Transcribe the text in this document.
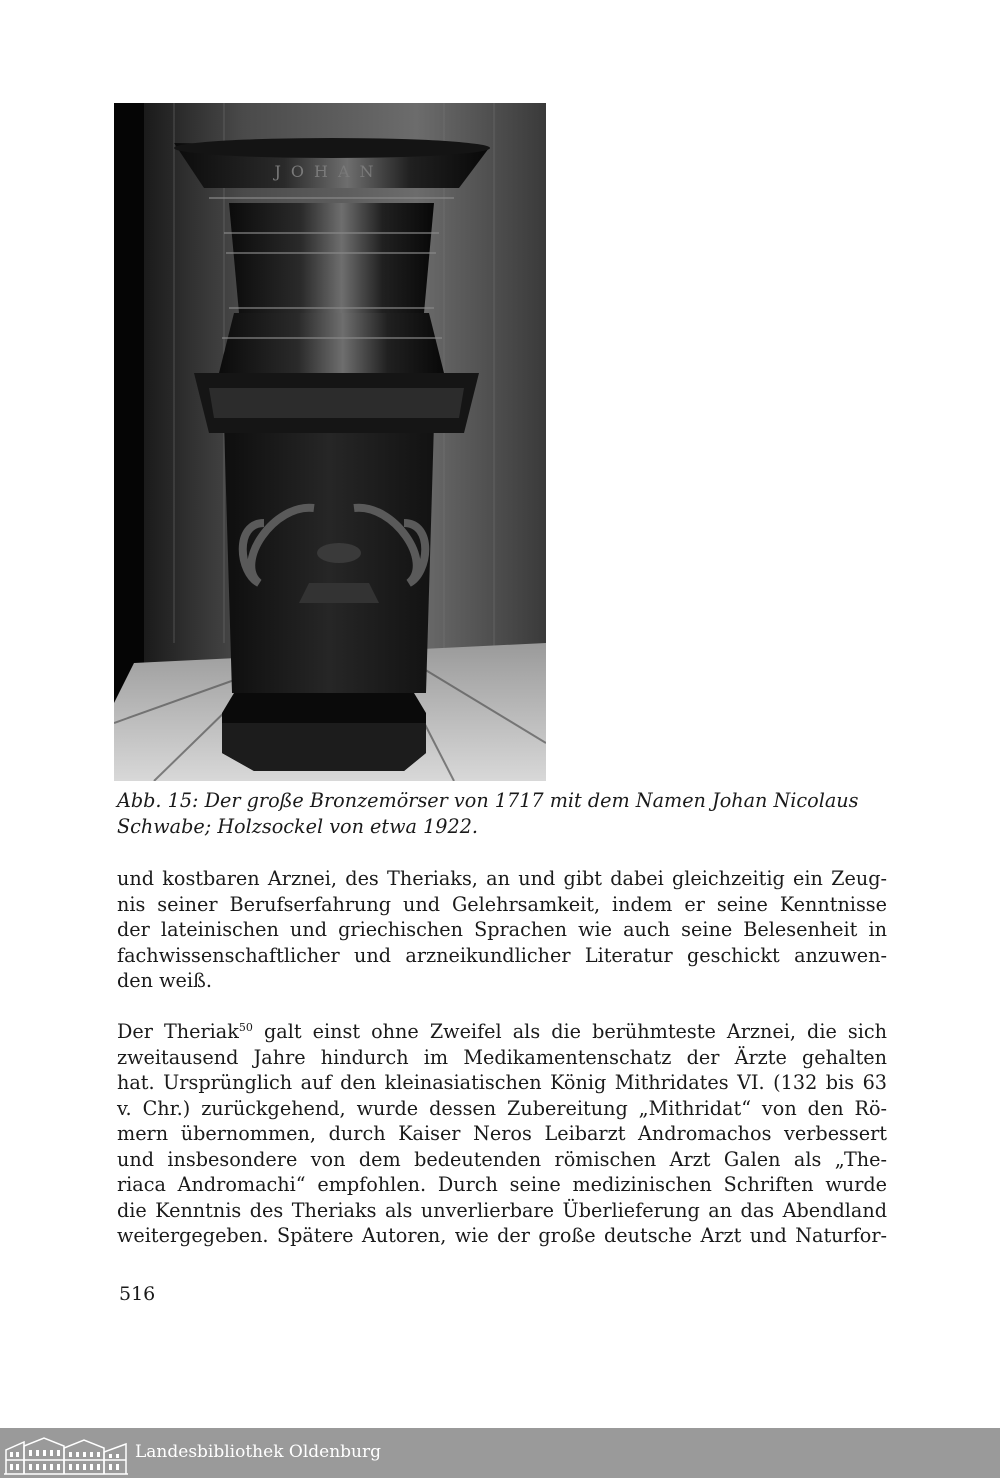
JOHAN

Abb. 15: Der große Bronzemörser von 1717 mit dem Namen Johan Nicolaus
Schwabe; Holzsockel von etwa 1922.

und kostbaren Arznei, des Theriaks, an und gibt dabei gleichzeitig ein Zeug-
nis seiner Berufserfahrung und Gelehrsamkeit, indem er seine Kenntnisse
der lateinischen und griechischen Sprachen wie auch seine Belesenheit in
fachwissenschaftlicher und arzneikundlicher Literatur geschickt anzuwen-
den weiß.

Der Theriak$^{50}$ galt einst ohne Zweifel als die berühmteste Arznei, die sich
zweitausend Jahre hindurch im Medikamentenschatz der Ärzte gehalten
hat. Ursprünglich auf den kleinasiatischen König Mithridates VI. (132 bis 63
v. Chr.) zurückgehend, wurde dessen Zubereitung „Mithridat“ von den Rö-
mern übernommen, durch Kaiser Neros Leibarzt Andromachos verbessert
und insbesondere von dem bedeutenden römischen Arzt Galen als „The-
riaca Andromachi“ empfohlen. Durch seine medizinischen Schriften wurde
die Kenntnis des Theriaks als unverlierbare Überlieferung an das Abendland
weitergegeben. Spätere Autoren, wie der große deutsche Arzt und Naturfor-

516
Landesbibliothek Oldenburg
